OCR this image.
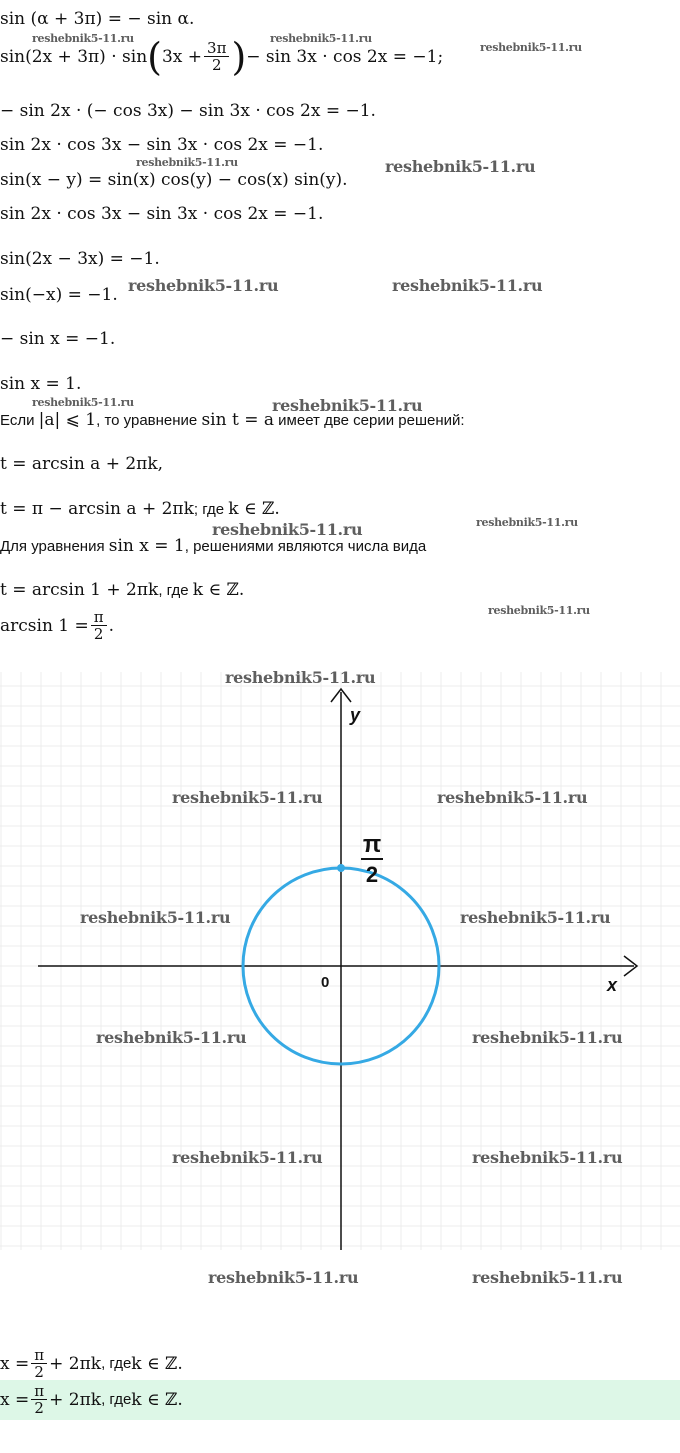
sin (α + 3π) = − sin α.
sin(2x + 3π) · sin ( $3x + \frac{3\pi}{2}$ ) − sin 3x · cos 2x = −1;
− sin 2x · (− cos 3x) − sin 3x · cos 2x = −1.
sin 2x · cos 3x − sin 3x · cos 2x = −1.
sin(x − y) = sin(x) cos(y) − cos(x) sin(y).
sin 2x · cos 3x − sin 3x · cos 2x = −1.
sin(2x − 3x) = −1.
sin(−x) = −1.
− sin x = −1.
sin x = 1.
Если |a| ⩽ 1, то уравнение sin t = a имеет две серии решений:
t = arcsin a + 2πk,
t = π − arcsin a + 2πk; где k ∈ ℤ.
Для уравнения sin x = 1, решениями являются числа вида
t = arcsin 1 + 2πk, где k ∈ ℤ.
$\arcsin 1 = \frac{\pi}{2}$ .
y
x
0
π
2
$x = \frac{\pi}{2} + 2\pi k$ , где k ∈ ℤ.
$x = \frac{\pi}{2} + 2\pi k$ , где k ∈ ℤ.
reshebnik5-11.ru	reshebnik5-11.ru
reshebnik5-11.ru
reshebnik5-11.ru	reshebnik5-11.ru
reshebnik5-11.ru	reshebnik5-11.ru
reshebnik5-11.ru
reshebnik5-11.ru
reshebnik5-11.ru	reshebnik5-11.ru
reshebnik5-11.ru
reshebnik5-11.ru
reshebnik5-11.ru	reshebnik5-11.ru
reshebnik5-11.ru	reshebnik5-11.ru
reshebnik5-11.ru	reshebnik5-11.ru
reshebnik5-11.ru	reshebnik5-11.ru
reshebnik5-11.ru	reshebnik5-11.ru
